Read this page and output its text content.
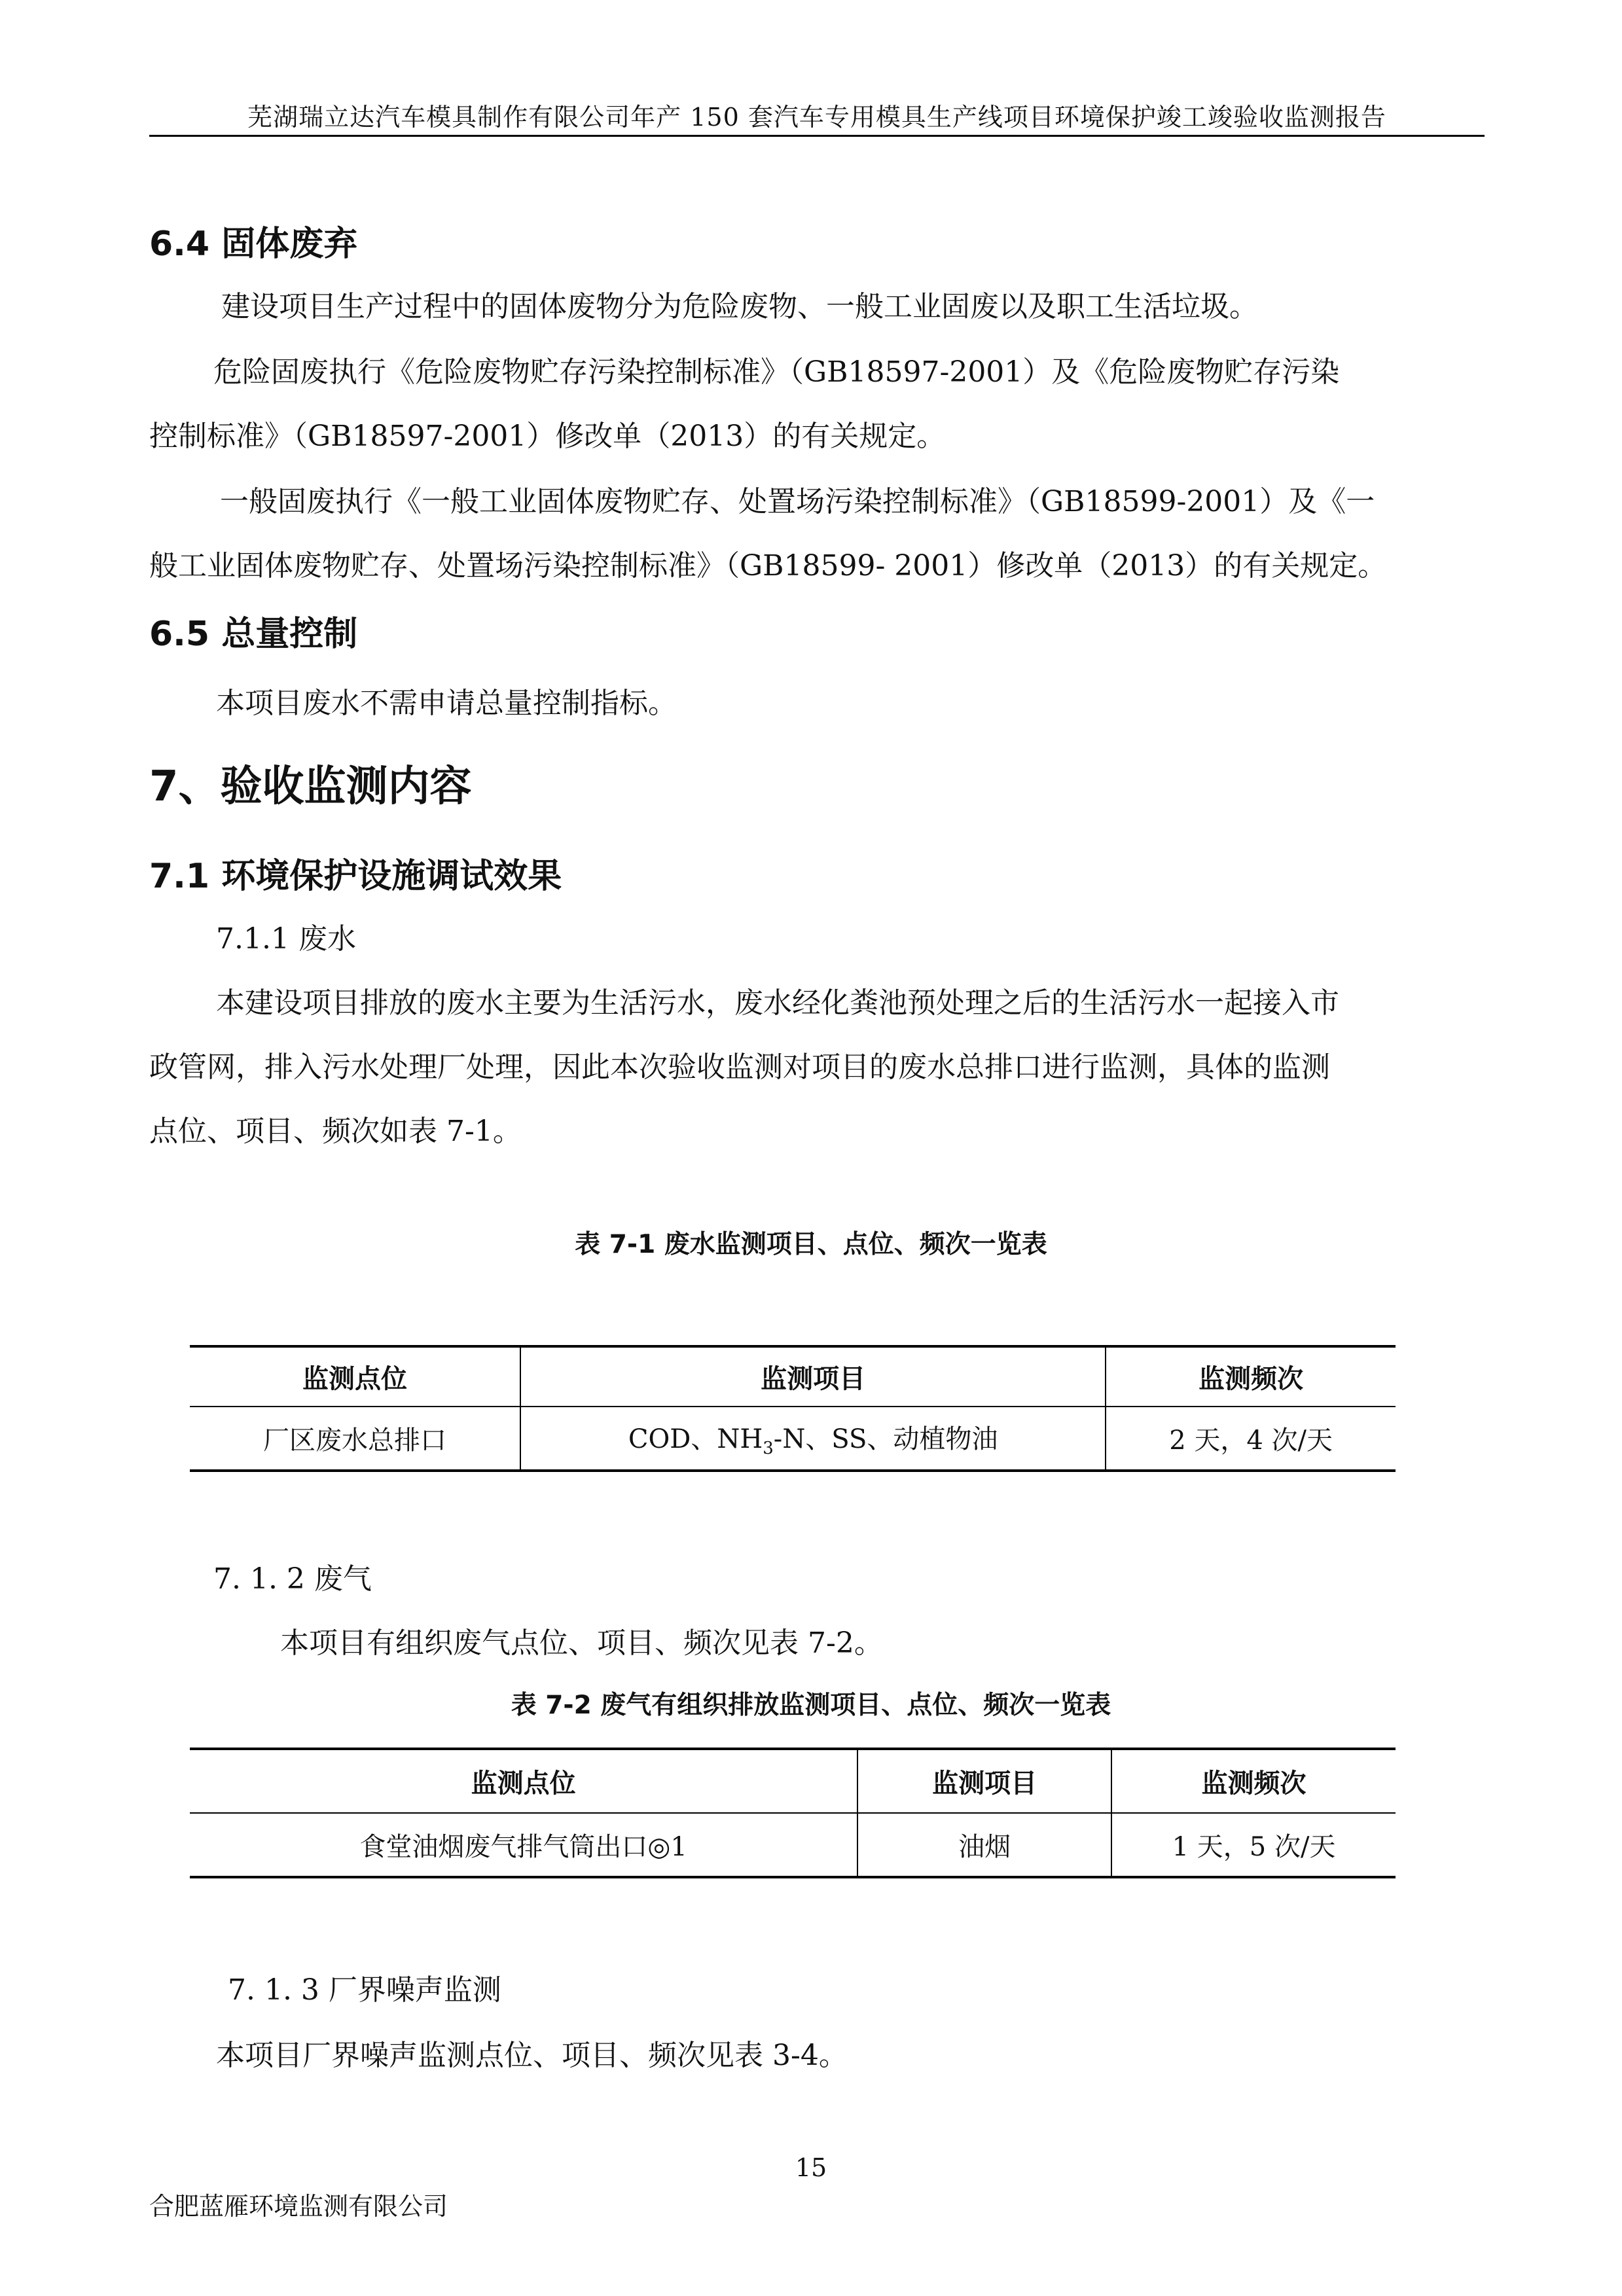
芜湖瑞立达汽车模具制作有限公司年产 150 套汽车专用模具生产线项目环境保护竣工竣验收监测报告
6.4 固体废弃
建设项目生产过程中的固体废物分为危险废物、一般工业固废以及职工生活垃圾。
危险固废执行《危险废物贮存污染控制标准》（GB18597-2001）及《危险废物贮存污染
控制标准》（GB18597-2001）修改单（2013）的有关规定。
一般固废执行《一般工业固体废物贮存、处置场污染控制标准》（GB18599-2001）及《一
般工业固体废物贮存、处置场污染控制标准》（GB18599- 2001）修改单（2013）的有关规定。
6.5 总量控制
本项目废水不需申请总量控制指标。
7、验收监测内容
7.1 环境保护设施调试效果
7.1.1 废水
本建设项目排放的废水主要为生活污水，废水经化粪池预处理之后的生活污水一起接入市
政管网，排入污水处理厂处理，因此本次验收监测对项目的废水总排口进行监测，具体的监测
点位、项目、频次如表 7-1。
表 7-1 废水监测项目、点位、频次一览表
监测点位	监测项目	监测频次
厂区废水总排口	COD、$NH_3-N$、SS、动植物油	2 天，4 次/天
7. 1. 2 废气
本项目有组织废气点位、项目、频次见表 7-2。
表 7-2 废气有组织排放监测项目、点位、频次一览表
监测点位	监测项目	监测频次
食堂油烟废气排气筒出口◎1	油烟	1 天，5 次/天
7. 1. 3 厂界噪声监测
本项目厂界噪声监测点位、项目、频次见表 3-4。
15
合肥蓝雁环境监测有限公司
